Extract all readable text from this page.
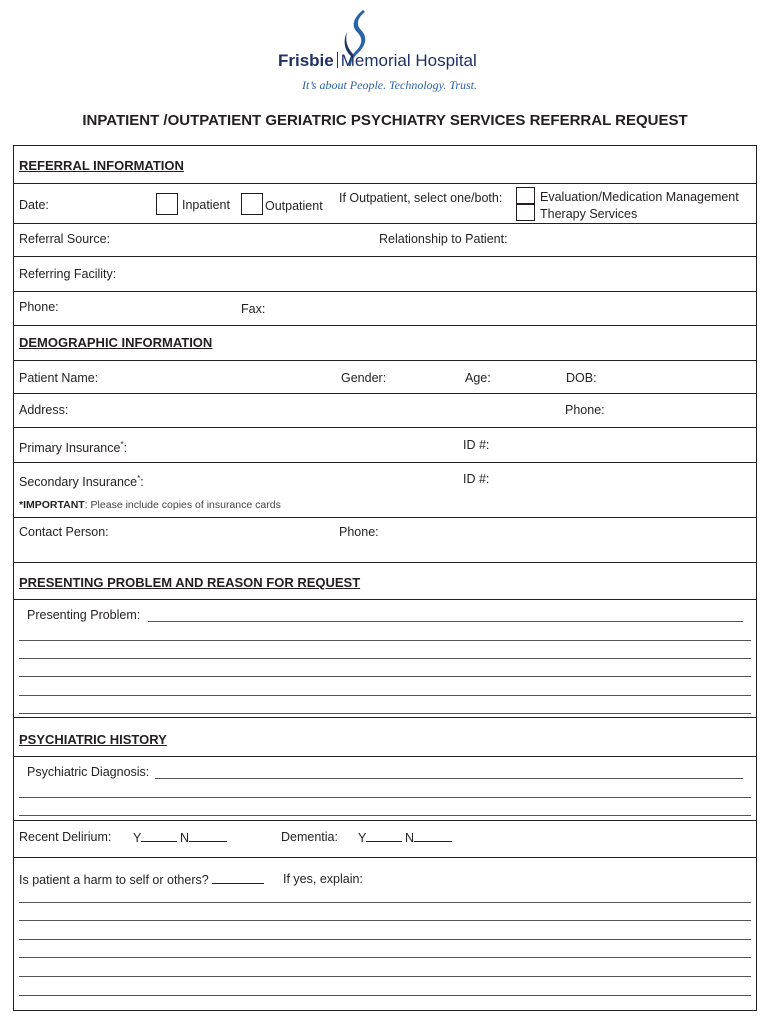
Frisbie Memorial Hospital
It’s about People. Technology. Trust.
INPATIENT /OUTPATIENT GERIATRIC PSYCHIATRY SERVICES REFERRAL REQUEST
REFERRAL INFORMATION
Date:	Inpatient	Outpatient
If Outpatient, select one/both:	Evaluation/Medication Management
Therapy Services
Referral Source:	Relationship to Patient:
Referring Facility:
Phone:	Fax:
DEMOGRAPHIC INFORMATION
Patient Name:	Gender:	Age:	DOB:
Address:	Phone:
Primary Insurance*:	ID #:
Secondary Insurance*:	ID #:
*IMPORTANT: Please include copies of insurance cards
Contact Person:	Phone:
PRESENTING PROBLEM AND REASON FOR REQUEST
Presenting Problem:
PSYCHIATRIC HISTORY
Psychiatric Diagnosis:
Recent Delirium: Y	N	Dementia: Y	N
Is patient a harm to self or others?	If yes, explain:
